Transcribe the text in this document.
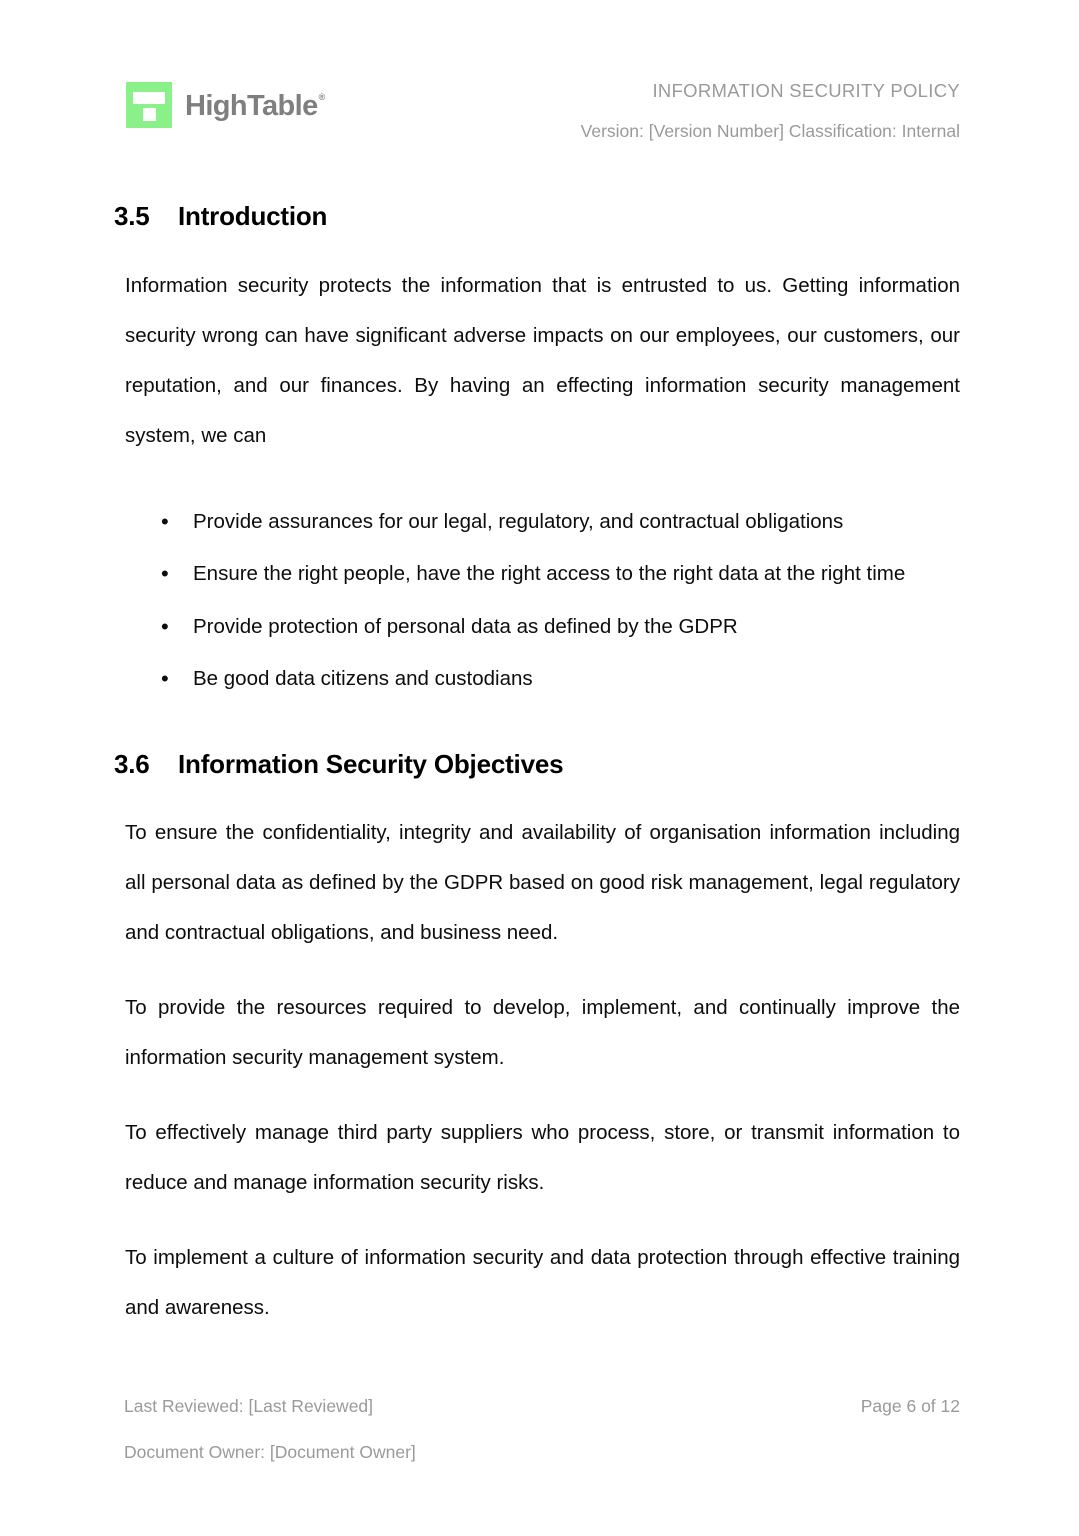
HighTable®	INFORMATION SECURITY POLICY
Version: [Version Number] Classification: Internal
3.5	Introduction

Information security protects the information that is entrusted to us. Getting information security wrong can have significant adverse impacts on our employees, our customers, our reputation, and our finances. By having an effecting information security management system, we can

• Provide assurances for our legal, regulatory, and contractual obligations
• Ensure the right people, have the right access to the right data at the right time
• Provide protection of personal data as defined by the GDPR
• Be good data citizens and custodians
3.6	Information Security Objectives

To ensure the confidentiality, integrity and availability of organisation information including all personal data as defined by the GDPR based on good risk management, legal regulatory and contractual obligations, and business need.

To provide the resources required to develop, implement, and continually improve the information security management system.

To effectively manage third party suppliers who process, store, or transmit information to reduce and manage information security risks.

To implement a culture of information security and data protection through effective training and awareness.

Last Reviewed: [Last Reviewed]	Page 6 of 12
Document Owner: [Document Owner]
